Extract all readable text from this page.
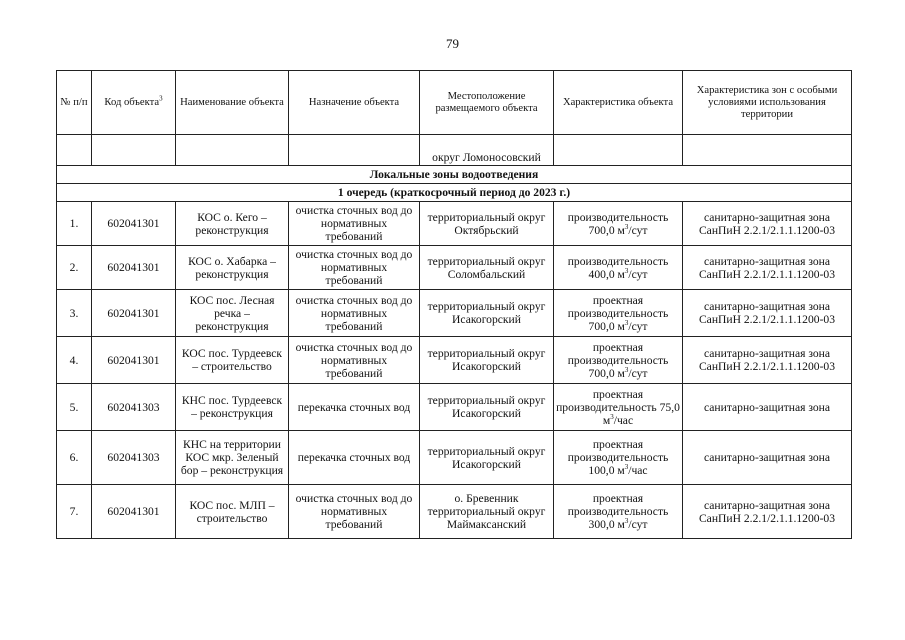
79
№ п/п	Код объекта$^3$	Наименование объекта	Назначение объекта	Местоположение размещаемого объекта	Характеристика объекта	Характеристика зон с особыми условиями использования территории
				округ Ломоносовский		
Локальные зоны водоотведения						
1 очередь (краткосрочный период до 2023 г.)						
1.	602041301	КОС о. Кего – реконструкция	очистка сточных вод до нормативных требований	территориальный округ Октябрьский	производительность 700,0 $м^3$/сут	санитарно-защитная зона СанПиН 2.2.1/2.1.1.1200-03
2.	602041301	КОС о. Хабарка – реконструкция	очистка сточных вод до нормативных требований	территориальный округ Соломбальский	производительность 400,0 $м^3$/сут	санитарно-защитная зона СанПиН 2.2.1/2.1.1.1200-03
3.	602041301	КОС пос. Лесная речка – реконструкция	очистка сточных вод до нормативных требований	территориальный округ Исакогорский	проектная производительность 700,0 $м^3$/сут	санитарно-защитная зона СанПиН 2.2.1/2.1.1.1200-03
4.	602041301	КОС пос. Турдеевск – строительство	очистка сточных вод до нормативных требований	территориальный округ Исакогорский	проектная производительность 700,0 $м^3$/сут	санитарно-защитная зона СанПиН 2.2.1/2.1.1.1200-03
5.	602041303	КНС пос. Турдеевск – реконструкция	перекачка сточных вод	территориальный округ Исакогорский	проектная производительность 75,0 $м^3$/час	санитарно-защитная зона
6.	602041303	КНС на территории КОС мкр. Зеленый бор – реконструкция	перекачка сточных вод	территориальный округ Исакогорский	проектная производительность 100,0 $м^3$/час	санитарно-защитная зона
7.	602041301	КОС пос. МЛП – строительство	очистка сточных вод до нормативных требований	о. Бревенник территориальный округ Маймаксанский	проектная производительность 300,0 $м^3$/сут	санитарно-защитная зона СанПиН 2.2.1/2.1.1.1200-03
